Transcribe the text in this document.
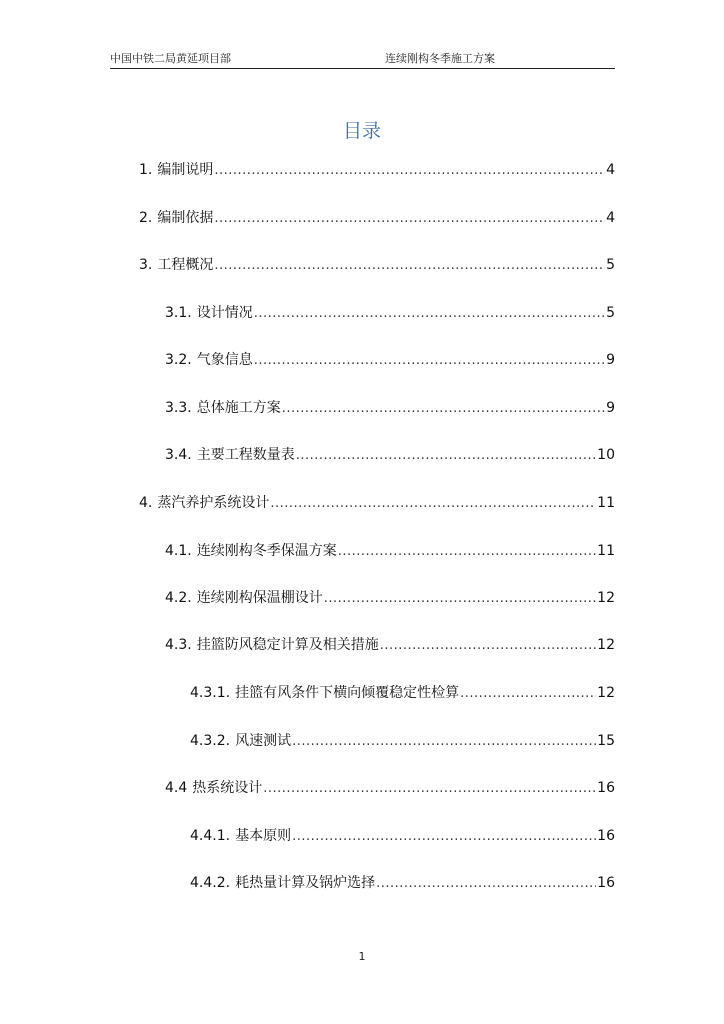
中国中铁二局黄延项目部	连续刚构冬季施工方案
目录
1. 编制说明 .....	4
2. 编制依据 .....	4
3. 工程概况 .....	5
3.1. 设计情况 .....	5
3.2. 气象信息 .....	9
3.3. 总体施工方案 .....	9
3.4. 主要工程数量表 .....	10
4. 蒸汽养护系统设计 .....	11
4.1. 连续刚构冬季保温方案 .....	11
4.2. 连续刚构保温棚设计 .....	12
4.3. 挂篮防风稳定计算及相关措施 .....	12
4.3.1. 挂篮有风条件下横向倾覆稳定性检算 .....	12
4.3.2. 风速测试 .....	15
4.4 热系统设计 .....	16
4.4.1. 基本原则 .....	16
4.4.2. 耗热量计算及锅炉选择 .....	16
1
